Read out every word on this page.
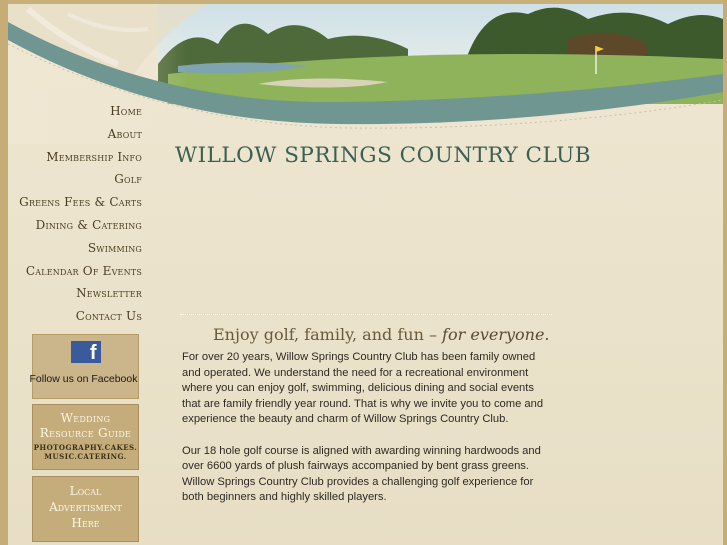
Home
About
Membership Info
Golf
Greens Fees & Carts
Dining & Catering
Swimming
Calendar Of Events
Newsletter
Contact Us
WILLOW SPRINGS COUNTRY CLUB
Enjoy golf, family, and fun – for everyone.

For over 20 years, Willow Springs Country Club has been family owned and operated. We understand the need for a recreational environment where you can enjoy golf, swimming, delicious dining and social events that are family friendly year round. That is why we invite you to come and experience the beauty and charm of Willow Springs Country Club.

Our 18 hole golf course is aligned with awarding winning hardwoods and over 6600 yards of plush fairways accompanied by bent grass greens. Willow Springs Country Club provides a challenging golf experience for both beginners and highly skilled players.

f
Follow us on Facebook
Wedding
Resource Guide
PHOTOGRAPHY.CAKES.
MUSIC.CATERING.
Local
Advertisment
Here
